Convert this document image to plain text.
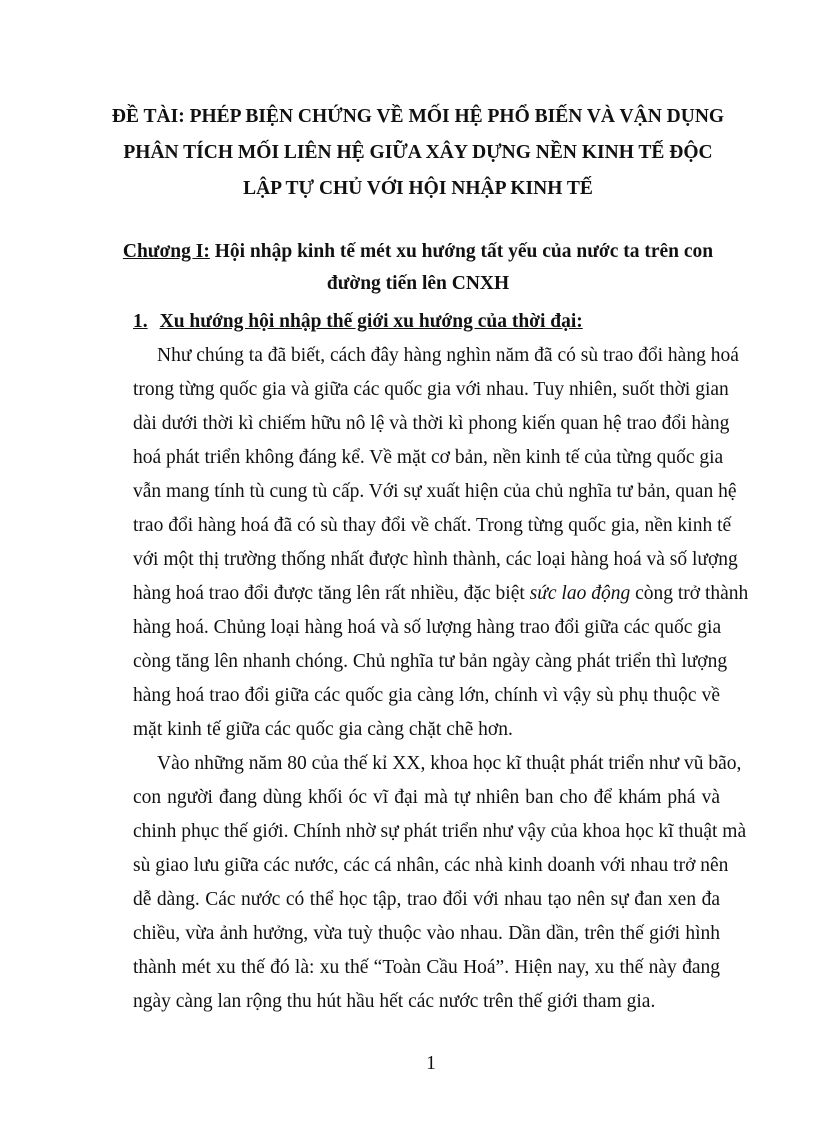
ĐỀ TÀI: PHÉP BIỆN CHỨNG VỀ MỐI HỆ PHỔ BIẾN VÀ VẬN DỤNG
PHÂN TÍCH MỐI LIÊN HỆ GIỮA XÂY DỰNG NỀN KINH TẾ ĐỘC
LẬP TỰ CHỦ VỚI HỘI NHẬP KINH TẾ
Chương I: Hội nhập kinh tế mét xu hướng tất yếu của nước ta trên con
đường tiến lên CNXH
1. Xu hướng hội nhập thế giới xu hướng của thời đại:
Như chúng ta đã biết, cách đây hàng nghìn năm đã có sù trao đổi hàng hoá
trong từng quốc gia và giữa các quốc gia với nhau. Tuy nhiên, suốt thời gian
dài dưới thời kì chiếm hữu nô lệ và thời kì phong kiến quan hệ trao đổi hàng
hoá phát triển không đáng kể. Về mặt cơ bản, nền kinh tế của từng quốc gia
vẫn mang tính tù cung tù cấp. Với sự xuất hiện của chủ nghĩa tư bản, quan hệ
trao đổi hàng hoá đã có sù thay đổi về chất. Trong từng quốc gia, nền kinh tế
với một thị trường thống nhất được hình thành, các loại hàng hoá và số lượng
hàng hoá trao đổi được tăng lên rất nhiều, đặc biệt sức lao động còng trở thành
hàng hoá. Chủng loại hàng hoá và số lượng hàng trao đổi giữa các quốc gia
còng tăng lên nhanh chóng. Chủ nghĩa tư bản ngày càng phát triển thì lượng
hàng hoá trao đổi giữa các quốc gia càng lớn, chính vì vậy sù phụ thuộc về
mặt kinh tế giữa các quốc gia càng chặt chẽ hơn.
Vào những năm 80 của thế kỉ XX, khoa học kĩ thuật phát triển như vũ bão,
con người đang dùng khối óc vĩ đại mà tự nhiên ban cho để khám phá và
chinh phục thế giới. Chính nhờ sự phát triển như vậy của khoa học kĩ thuật mà
sù giao lưu giữa các nước, các cá nhân, các nhà kinh doanh với nhau trở nên
dễ dàng. Các nước có thể học tập, trao đổi với nhau tạo nên sự đan xen đa
chiều, vừa ảnh hưởng, vừa tuỳ thuộc vào nhau. Dần dần, trên thế giới hình
thành mét xu thế đó là: xu thế “Toàn Cầu Hoá”. Hiện nay, xu thế này đang
ngày càng lan rộng thu hút hầu hết các nước trên thế giới tham gia.
1
